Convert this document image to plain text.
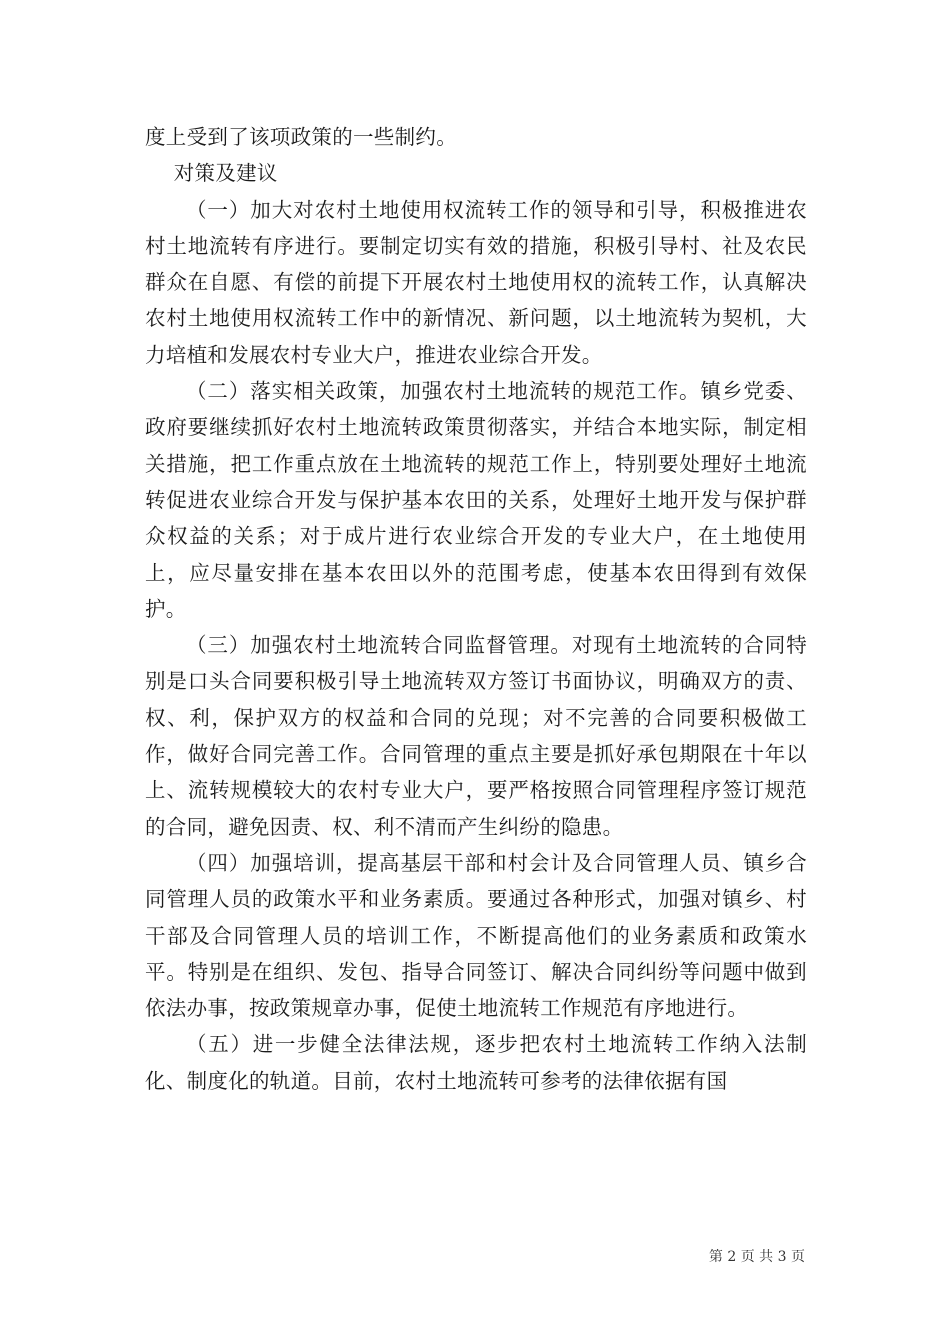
度上受到了该项政策的一些制约。

对策及建议

（一）加大对农村土地使用权流转工作的领导和引导，积极推进农村土地流转有序进行。要制定切实有效的措施，积极引导村、社及农民群众在自愿、有偿的前提下开展农村土地使用权的流转工作，认真解决农村土地使用权流转工作中的新情况、新问题，以土地流转为契机，大力培植和发展农村专业大户，推进农业综合开发。

（二）落实相关政策，加强农村土地流转的规范工作。镇乡党委、政府要继续抓好农村土地流转政策贯彻落实，并结合本地实际，制定相关措施，把工作重点放在土地流转的规范工作上，特别要处理好土地流转促进农业综合开发与保护基本农田的关系，处理好土地开发与保护群众权益的关系；对于成片进行农业综合开发的专业大户，在土地使用上，应尽量安排在基本农田以外的范围考虑，使基本农田得到有效保护。

（三）加强农村土地流转合同监督管理。对现有土地流转的合同特别是口头合同要积极引导土地流转双方签订书面协议，明确双方的责、权、利，保护双方的权益和合同的兑现；对不完善的合同要积极做工作，做好合同完善工作。合同管理的重点主要是抓好承包期限在十年以上、流转规模较大的农村专业大户，要严格按照合同管理程序签订规范的合同，避免因责、权、利不清而产生纠纷的隐患。

（四）加强培训，提高基层干部和村会计及合同管理人员、镇乡合同管理人员的政策水平和业务素质。要通过各种形式，加强对镇乡、村干部及合同管理人员的培训工作，不断提高他们的业务素质和政策水平。特别是在组织、发包、指导合同签订、解决合同纠纷等问题中做到依法办事，按政策规章办事，促使土地流转工作规范有序地进行。

（五）进一步健全法律法规，逐步把农村土地流转工作纳入法制化、制度化的轨道。目前，农村土地流转可参考的法律依据有国

第 2 页 共 3 页
